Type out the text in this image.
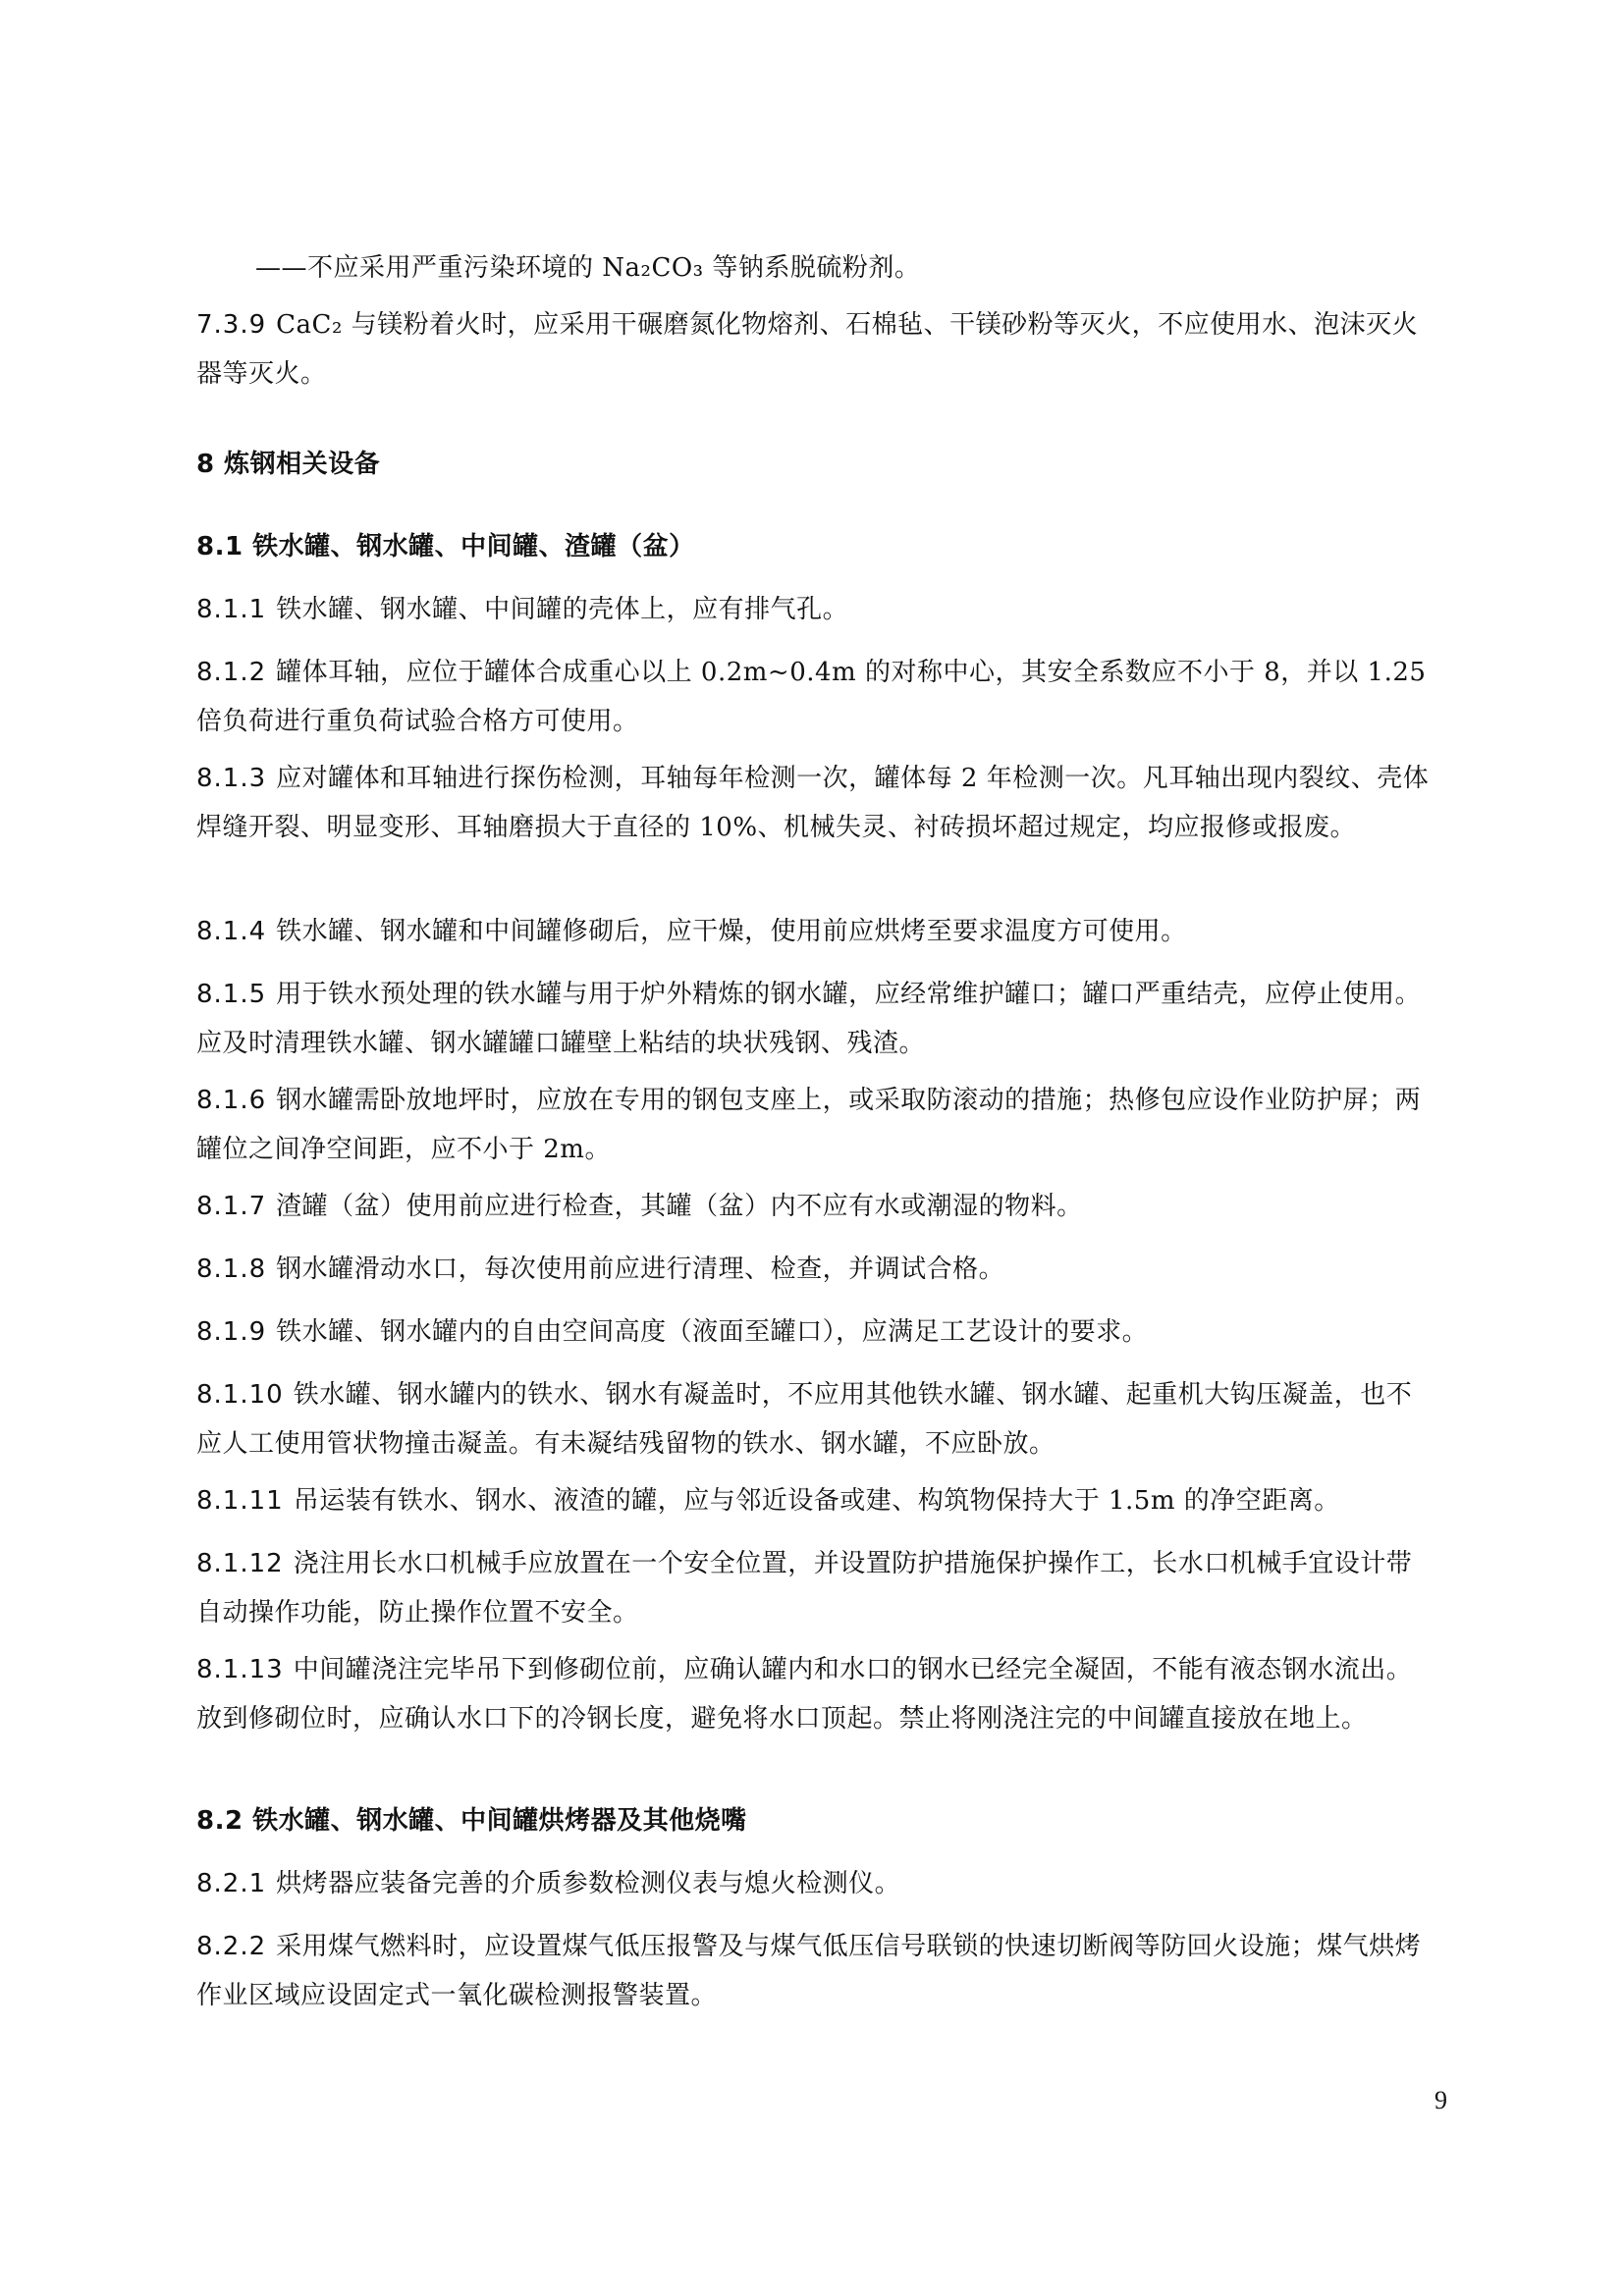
——不应采用严重污染环境的 Na₂CO₃ 等钠系脱硫粉剂。

7.3.9 CaC₂ 与镁粉着火时，应采用干碾磨氮化物熔剂、石棉毡、干镁砂粉等灭火，不应使用水、泡沫灭火器等灭火。

8 炼钢相关设备

8.1 铁水罐、钢水罐、中间罐、渣罐（盆）

8.1.1 铁水罐、钢水罐、中间罐的壳体上，应有排气孔。

8.1.2 罐体耳轴，应位于罐体合成重心以上 0.2m~0.4m 的对称中心，其安全系数应不小于 8，并以 1.25 倍负荷进行重负荷试验合格方可使用。

8.1.3 应对罐体和耳轴进行探伤检测，耳轴每年检测一次，罐体每 2 年检测一次。凡耳轴出现内裂纹、壳体焊缝开裂、明显变形、耳轴磨损大于直径的 10%、机械失灵、衬砖损坏超过规定，均应报修或报废。

8.1.4 铁水罐、钢水罐和中间罐修砌后，应干燥，使用前应烘烤至要求温度方可使用。

8.1.5 用于铁水预处理的铁水罐与用于炉外精炼的钢水罐，应经常维护罐口；罐口严重结壳，应停止使用。应及时清理铁水罐、钢水罐罐口罐壁上粘结的块状残钢、残渣。

8.1.6 钢水罐需卧放地坪时，应放在专用的钢包支座上，或采取防滚动的措施；热修包应设作业防护屏；两罐位之间净空间距，应不小于 2m。

8.1.7 渣罐（盆）使用前应进行检查，其罐（盆）内不应有水或潮湿的物料。

8.1.8 钢水罐滑动水口，每次使用前应进行清理、检查，并调试合格。

8.1.9 铁水罐、钢水罐内的自由空间高度（液面至罐口），应满足工艺设计的要求。

8.1.10 铁水罐、钢水罐内的铁水、钢水有凝盖时，不应用其他铁水罐、钢水罐、起重机大钩压凝盖，也不应人工使用管状物撞击凝盖。有未凝结残留物的铁水、钢水罐，不应卧放。

8.1.11 吊运装有铁水、钢水、液渣的罐，应与邻近设备或建、构筑物保持大于 1.5m 的净空距离。

8.1.12 浇注用长水口机械手应放置在一个安全位置，并设置防护措施保护操作工，长水口机械手宜设计带自动操作功能，防止操作位置不安全。

8.1.13 中间罐浇注完毕吊下到修砌位前，应确认罐内和水口的钢水已经完全凝固，不能有液态钢水流出。放到修砌位时，应确认水口下的冷钢长度，避免将水口顶起。禁止将刚浇注完的中间罐直接放在地上。

8.2 铁水罐、钢水罐、中间罐烘烤器及其他烧嘴

8.2.1 烘烤器应装备完善的介质参数检测仪表与熄火检测仪。

8.2.2 采用煤气燃料时，应设置煤气低压报警及与煤气低压信号联锁的快速切断阀等防回火设施；煤气烘烤作业区域应设固定式一氧化碳检测报警装置。

9
